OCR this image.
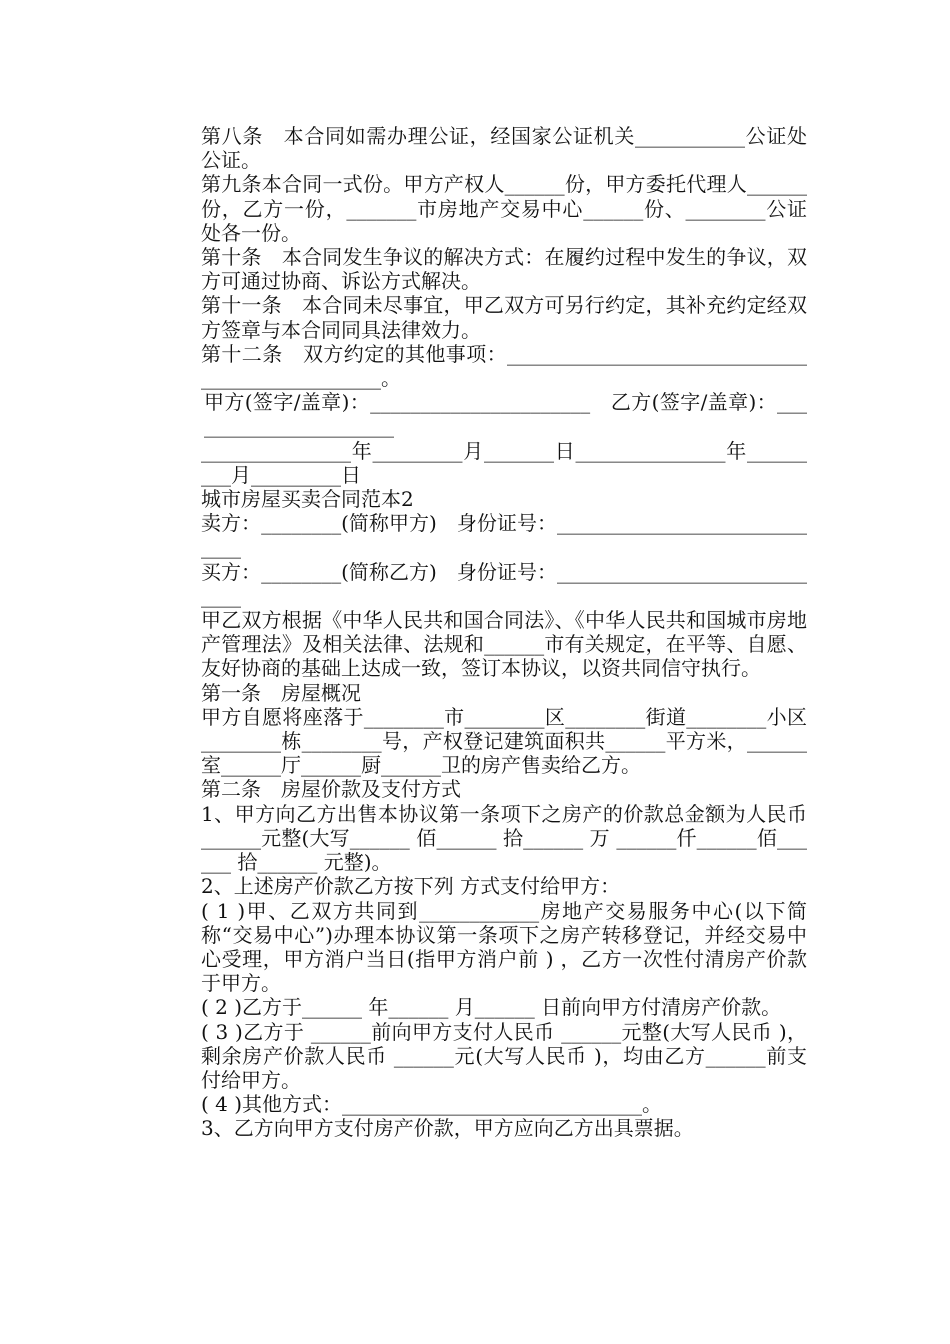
第八条　本合同如需办理公证，经国家公证机关___________公证处公证。

第九条本合同一式份。甲方产权人______份，甲方委托代理人______份，乙方一份，_______市房地产交易中心______份、________公证处各一份。

第十条　本合同发生争议的解决方式：在履约过程中发生的争议，双方可通过协商、诉讼方式解决。

第十一条　本合同未尽事宜，甲乙双方可另行约定，其补充约定经双方签章与本合同同具法律效力。

第十二条　双方约定的其他事项：________________________________________________。

甲方(签字/盖章)：______________________　乙方(签字/盖章)：______________________

_______________年_________月_______日_______________年_________月_________日

城市房屋买卖合同范本2

卖方：________(简称甲方)　身份证号：_____________________________

买方：________(简称乙方)　身份证号：_____________________________

甲乙双方根据《中华人民共和国合同法》、《中华人民共和国城市房地产管理法》及相关法律、法规和______市有关规定，在平等、自愿、友好协商的基础上达成一致，签订本协议，以资共同信守执行。

第一条　房屋概况

甲方自愿将座落于________市________区________街道________小区________栋________号，产权登记建筑面积共______平方米，______室______厅______厨______卫的房产售卖给乙方。

第二条　房屋价款及支付方式

1、甲方向乙方出售本协议第一条项下之房产的价款总金额为人民币 ______元整(大写______ 佰______ 拾______ 万 ______仟______佰______ 拾______ 元整)。

2、上述房产价款乙方按下列 方式支付给甲方：

( 1 )甲、乙双方共同到____________房地产交易服务中心(以下简称“交易中心”)办理本协议第一条项下之房产转移登记，并经交易中心受理，甲方消户当日(指甲方消户前 ) ，乙方一次性付清房产价款于甲方。

( 2 )乙方于______ 年______ 月______ 日前向甲方付清房产价款。

( 3 )乙方于 ______前向甲方支付人民币 ______元整(大写人民币 )，剩余房产价款人民币 ______元(大写人民币 )，均由乙方______前支付给甲方。

( 4 )其他方式：______________________________。

3、乙方向甲方支付房产价款，甲方应向乙方出具票据。
